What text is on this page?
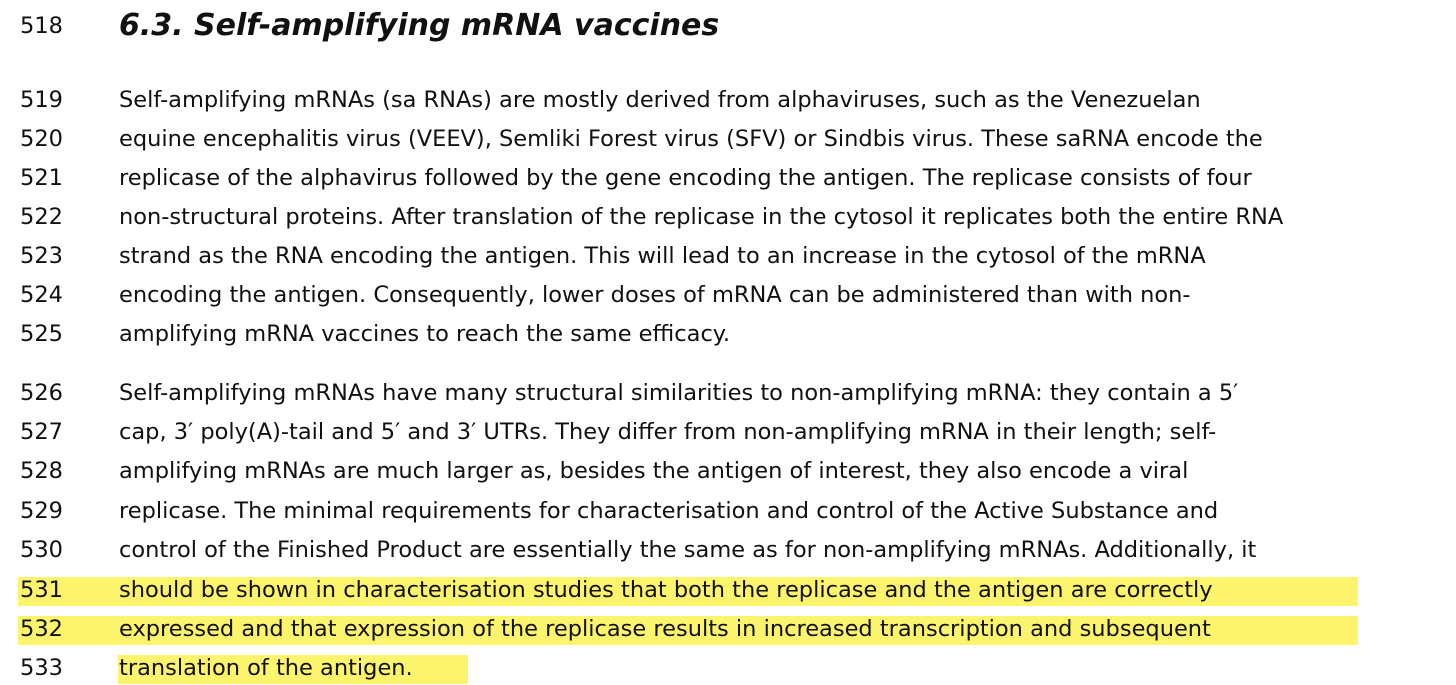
518 6.3. Self-amplifying mRNA vaccines
519 Self-amplifying mRNAs (sa RNAs) are mostly derived from alphaviruses, such as the Venezuelan
520 equine encephalitis virus (VEEV), Semliki Forest virus (SFV) or Sindbis virus. These saRNA encode the
521 replicase of the alphavirus followed by the gene encoding the antigen. The replicase consists of four
522 non-structural proteins. After translation of the replicase in the cytosol it replicates both the entire RNA
523 strand as the RNA encoding the antigen. This will lead to an increase in the cytosol of the mRNA
524 encoding the antigen. Consequently, lower doses of mRNA can be administered than with non-
525 amplifying mRNA vaccines to reach the same efficacy.
526 Self-amplifying mRNAs have many structural similarities to non-amplifying mRNA: they contain a 5′
527 cap, 3′ poly(A)-tail and 5′ and 3′ UTRs. They differ from non-amplifying mRNA in their length; self-
528 amplifying mRNAs are much larger as, besides the antigen of interest, they also encode a viral
529 replicase. The minimal requirements for characterisation and control of the Active Substance and
530 control of the Finished Product are essentially the same as for non-amplifying mRNAs. Additionally, it
531 should be shown in characterisation studies that both the replicase and the antigen are correctly
532 expressed and that expression of the replicase results in increased transcription and subsequent
533 translation of the antigen.
